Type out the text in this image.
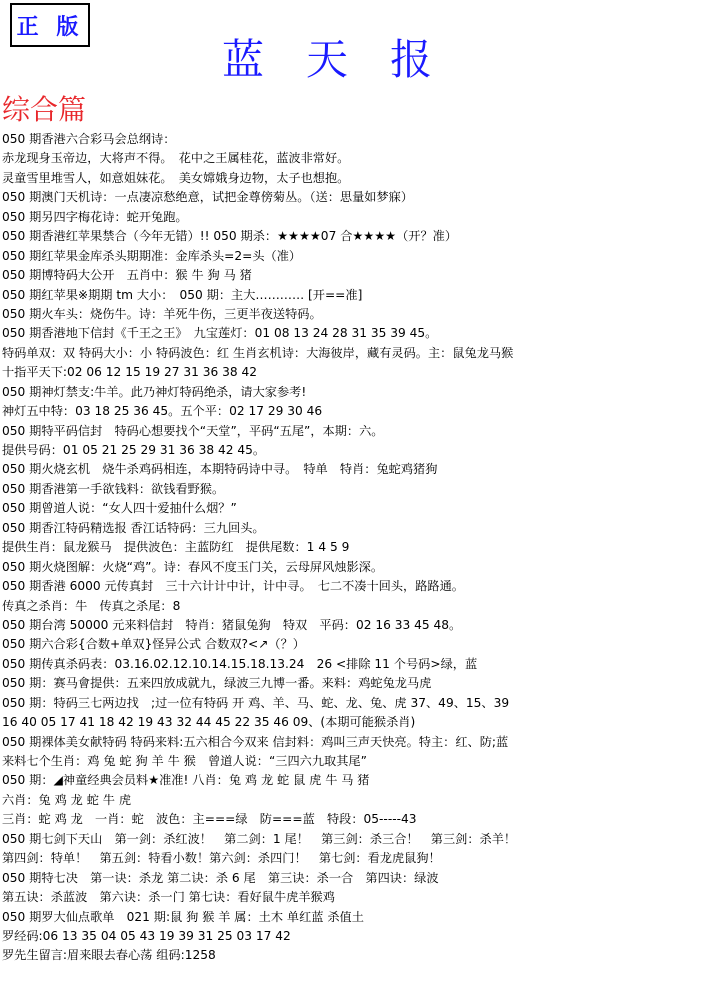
正 版
蓝天报
综合篇
050 期香港六合彩马会总纲诗：
赤龙现身玉帝边，大将声不得。　花中之王属桂花，蓝波非常好。
灵童雪里堆雪人，如意姐妹花。　美女嫦娥身边物，太子也想抱。
050 期澳门天机诗：一点凄凉愁绝意，试把金尊傍菊丛。（送：思量如梦寐）
050 期另四字梅花诗：蛇开兔跑。
050 期香港红苹果禁合（今年无错）!! 050 期杀：★★★★07 合★★★★（开？准）
050 期红苹果金库杀头期期准：金库杀头=2=头（准）
050 期博特码大公开　五肖中：猴 牛 狗 马 猪
050 期红苹果※期期 tm 大小：　050 期：主大………… [开==准]
050 期火车头：烧伤牛。诗：羊死牛伤，三更半夜送特码。
050 期香港地下信封《千王之王》　九宝莲灯：01 08 13 24 28 31 35 39 45。
特码单双：双 特码大小：小 特码波色：红 生肖玄机诗：大海彼岸，藏有灵码。主：鼠兔龙马猴
十指平天下:02 06 12 15 19 27 31 36 38 42
050 期神灯禁支:牛羊。此乃神灯特码绝杀，请大家参考!
神灯五中特：03 18 25 36 45。五个平：02 17 29 30 46
050 期特平码信封　特码心想要找个“天堂”，平码“五尾”，本期：六。
提供号码：01 05 21 25 29 31 36 38 42 45。
050 期火烧玄机　烧牛杀鸡码相连，本期特码诗中寻。　特单　特肖：兔蛇鸡猪狗
050 期香港第一手欲钱料：欲钱看野猴。
050 期曾道人说：“女人四十爱抽什么烟？”
050 期香江特码精选报 香江话特码：三九回头。
提供生肖：鼠龙猴马　提供波色：主蓝防红　提供尾数：1 4 5 9
050 期火烧图解：火烧“鸡”。诗：春风不度玉门关，云母屏风烛影深。
050 期香港 6000 元传真封　三十六计计中计，计中寻。　七二不凑十回头，路路通。
传真之杀肖：牛　传真之杀尾：8
050 期台湾 50000 元来料信封　特肖：猪鼠兔狗　特双　平码：02 16 33 45 48。
050 期六合彩{合数+单双}怪异公式 合数双?<↗（？）
050 期传真杀码表：03.16.02.12.10.14.15.18.13.24　26 <排除 11 个号码>绿，蓝
050 期：赛马會提供：五来四放成就九，绿波三九博一番。来料：鸡蛇兔龙马虎
050 期：特码三七两边找　;过一位有特码 开 鸡、羊、马、蛇、龙、兔、虎 37、49、15、39
16 40 05 17 41 18 42 19 43 32 44 45 22 35 46 09、(本期可能猴杀肖)
050 期裸体美女献特码 特码来料:五六相合今双来 信封料：鸡叫三声天快亮。特主：红、防;蓝
来料七个生肖：鸡 兔 蛇 狗 羊 牛 猴　曾道人说：“三四六九取其尾”
050 期：◢神童经典会员料★准准! 八肖：兔 鸡 龙 蛇 鼠 虎 牛 马 猪
六肖：兔 鸡 龙 蛇 牛 虎
三肖：蛇 鸡 龙　一肖：蛇　波色：主===绿　防===蓝　特段：05-----43
050 期七剑下天山　第一剑：杀红波！　第二剑：1 尾！　第三剑：杀三合！　第三剑：杀羊！
第四剑：特单！　第五剑：特看小数！第六剑：杀四门！　第七剑：看龙虎鼠狗！
050 期特七决　第一诀：杀龙 第二诀：杀 6 尾　第三诀：杀一合　第四诀：绿波
第五诀：杀蓝波　第六诀：杀一门 第七诀：看好鼠牛虎羊猴鸡
050 期罗大仙点歌单　021 期:鼠 狗 猴 羊 属：土木 单红蓝 杀值土
罗经码:06 13 35 04 05 43 19 39 31 25 03 17 42
罗先生留言:眉来眼去春心荡 组码:1258
